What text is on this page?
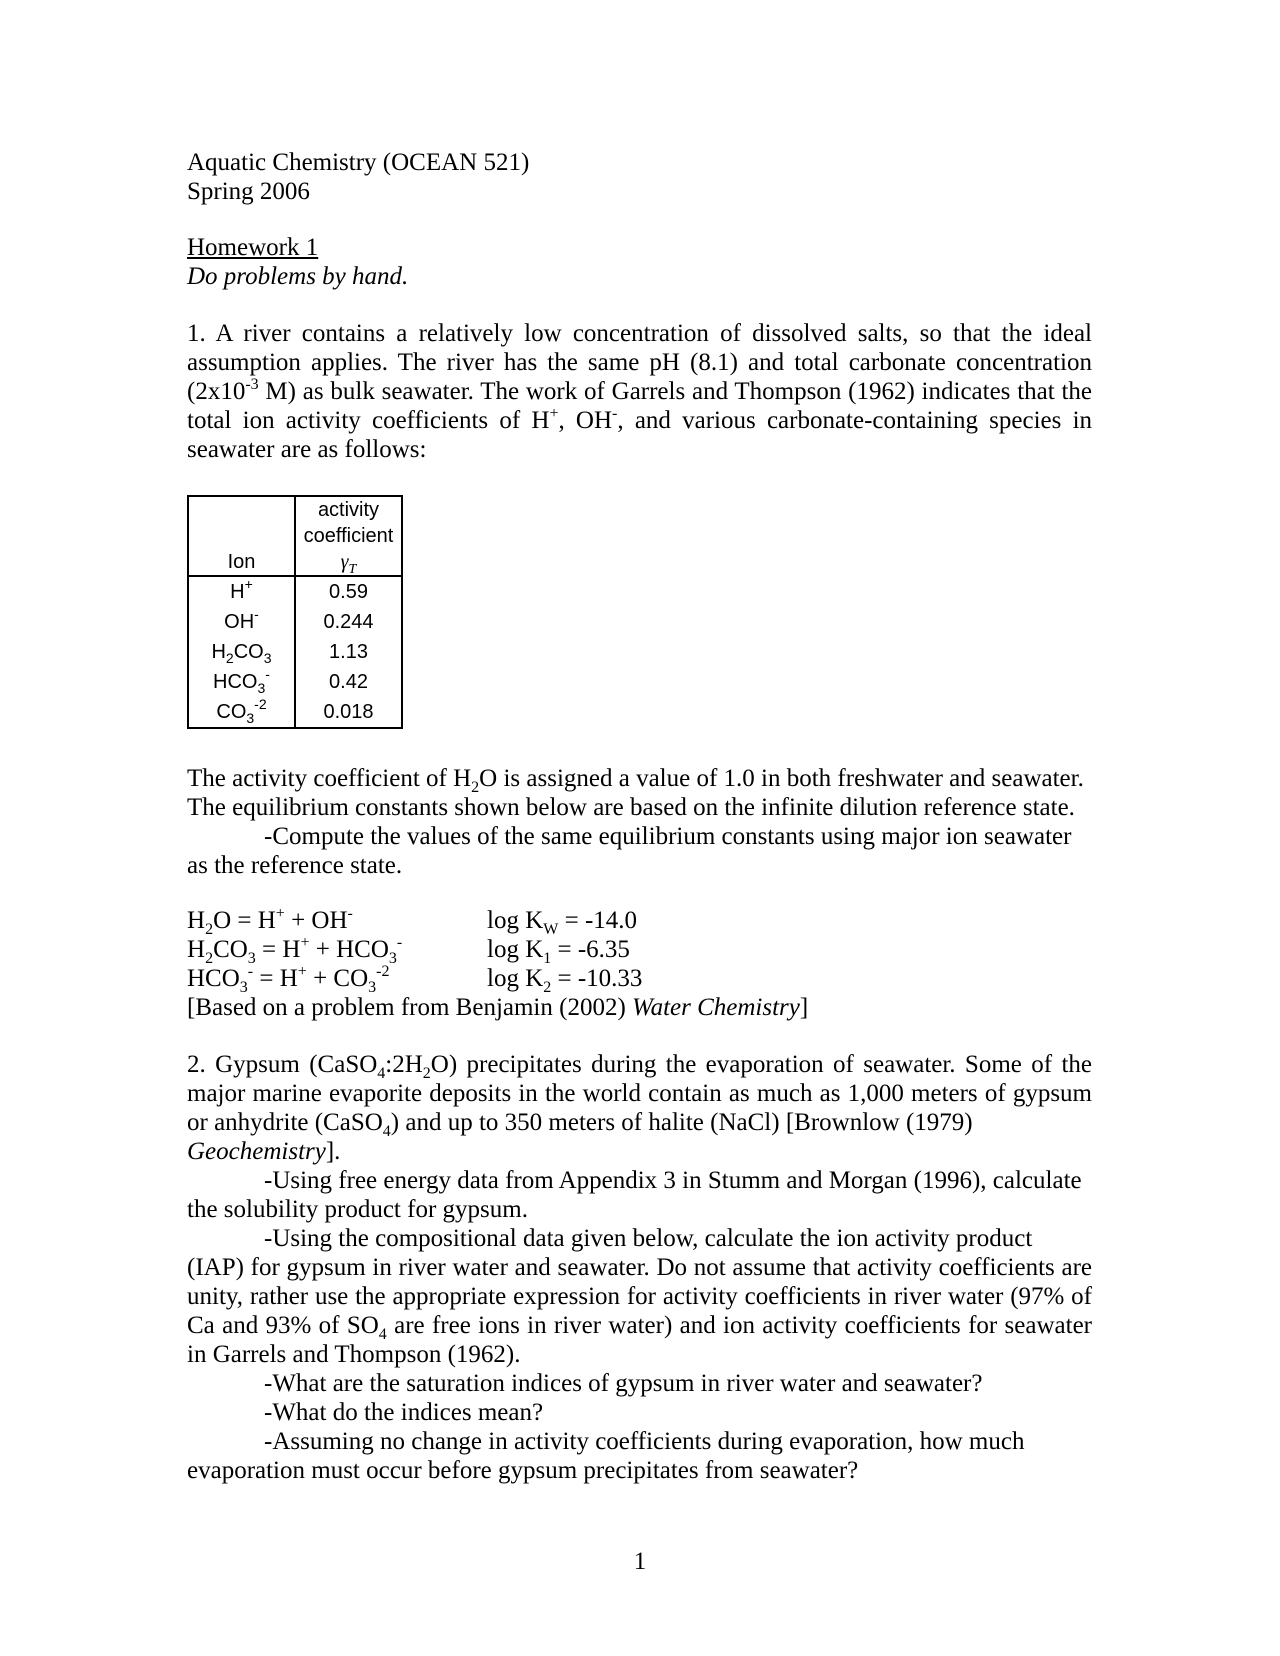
Aquatic Chemistry (OCEAN 521)
Spring 2006
Homework 1
Do problems by hand.
1. A river contains a relatively low concentration of dissolved salts, so that the ideal assumption applies. The river has the same pH (8.1) and total carbonate concentration ($2x10^{-3}$ M) as bulk seawater. The work of Garrels and Thompson (1962) indicates that the total ion activity coefficients of H+, OH-, and various carbonate-containing species in seawater are as follows:
	activity
	coefficient
Ion	$\gamma_T$
H+	0.59
OH-	0.244
$H_2CO_3$	1.13
$HCO_3^-$	0.42
$CO_3^{-2}$	0.018
The activity coefficient of $H_2O$ is assigned a value of 1.0 in both freshwater and seawater.
The equilibrium constants shown below are based on the infinite dilution reference state.
-Compute the values of the same equilibrium constants using major ion seawater
as the reference state.
$H_2O = H^+ + OH^-$	$\log K_W = -14.0$
$H_2CO_3 = H^+ + HCO_3^-$	$\log K_1 = -6.35$
$HCO_3^- = H^+ + CO_3^{-2}$	$\log K_2 = -10.33$
[Based on a problem from Benjamin (2002) Water Chemistry]
2. Gypsum $(CaSO_4:2H_2O)$ precipitates during the evaporation of seawater. Some of the major marine evaporite deposits in the world contain as much as 1,000 meters of gypsum or anhydrite (CaSO$_4$) and up to 350 meters of halite (NaCl) [Brownlow (1979)
Geochemistry].
-Using free energy data from Appendix 3 in Stumm and Morgan (1996), calculate
the solubility product for gypsum.
-Using the compositional data given below, calculate the ion activity product
(IAP) for gypsum in river water and seawater. Do not assume that activity coefficients are unity, rather use the appropriate expression for activity coefficients in river water (97% of Ca and 93% of $SO_4$ are free ions in river water) and ion activity coefficients for seawater in Garrels and Thompson (1962).
-What are the saturation indices of gypsum in river water and seawater?
-What do the indices mean?
-Assuming no change in activity coefficients during evaporation, how much
evaporation must occur before gypsum precipitates from seawater?
1
